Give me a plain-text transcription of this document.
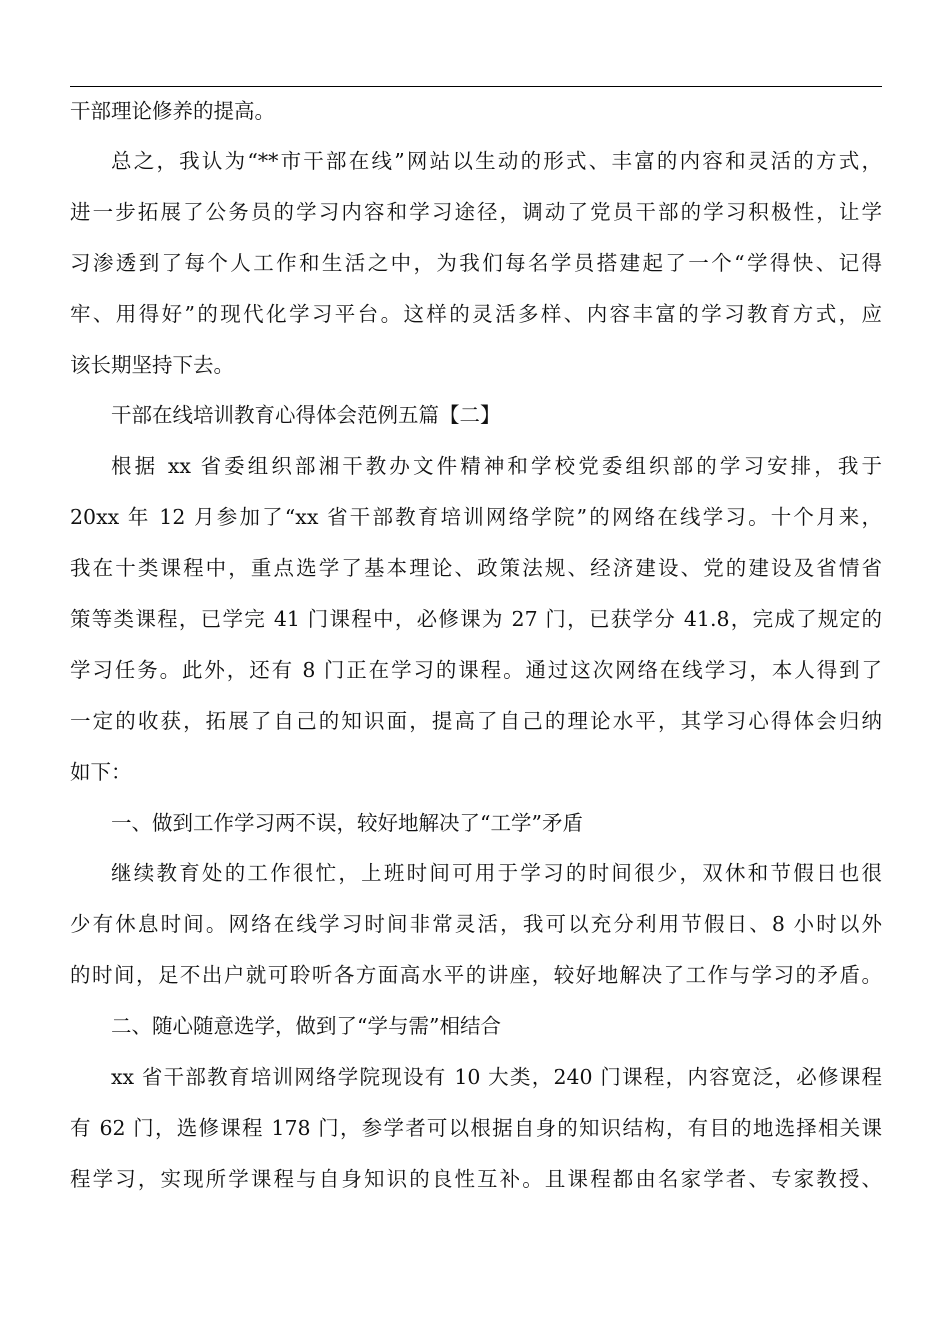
干部理论修养的提高。
总之，我认为“**市干部在线”网站以生动的形式、丰富的内容和灵活的方式，
进一步拓展了公务员的学习内容和学习途径，调动了党员干部的学习积极性，让学
习渗透到了每个人工作和生活之中，为我们每名学员搭建起了一个“学得快、记得
牢、用得好”的现代化学习平台。这样的灵活多样、内容丰富的学习教育方式，应
该长期坚持下去。
干部在线培训教育心得体会范例五篇【二】
根据 xx 省委组织部湘干教办文件精神和学校党委组织部的学习安排，我于
20xx 年 12 月参加了“xx 省干部教育培训网络学院”的网络在线学习。十个月来，
我在十类课程中，重点选学了基本理论、政策法规、经济建设、党的建设及省情省
策等类课程，已学完 41 门课程中，必修课为 27 门，已获学分 41.8，完成了规定的
学习任务。此外，还有 8 门正在学习的课程。通过这次网络在线学习，本人得到了
一定的收获，拓展了自己的知识面，提高了自己的理论水平，其学习心得体会归纳
如下：
一、做到工作学习两不误，较好地解决了“工学”矛盾
继续教育处的工作很忙，上班时间可用于学习的时间很少，双休和节假日也很
少有休息时间。网络在线学习时间非常灵活，我可以充分利用节假日、8 小时以外
的时间，足不出户就可聆听各方面高水平的讲座，较好地解决了工作与学习的矛盾。
二、随心随意选学，做到了“学与需”相结合
xx 省干部教育培训网络学院现设有 10 大类，240 门课程，内容宽泛，必修课程
有 62 门，选修课程 178 门，参学者可以根据自身的知识结构，有目的地选择相关课
程学习，实现所学课程与自身知识的良性互补。且课程都由名家学者、专家教授、
